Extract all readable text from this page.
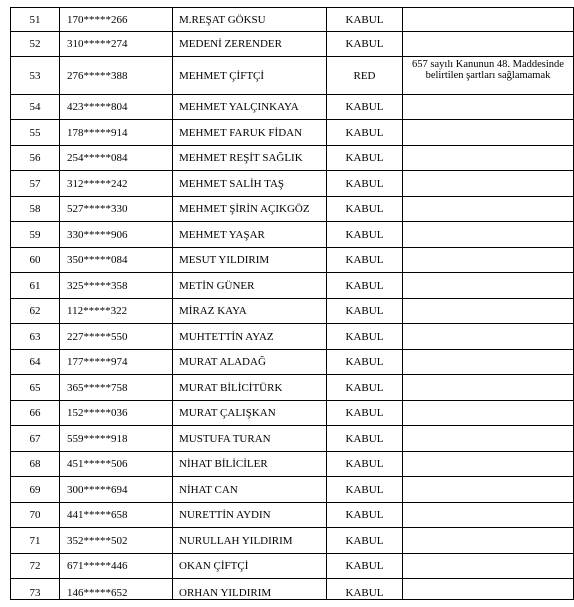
51	170*****266	M.REŞAT GÖKSU	KABUL	
52	310*****274	MEDENİ ZERENDER	KABUL	
53	276*****388	MEHMET ÇİFTÇİ	RED	657 sayılı Kanunun 48. Maddesinde belirtilen şartları sağlamamak
54	423*****804	MEHMET YALÇINKAYA	KABUL	
55	178*****914	MEHMET FARUK FİDAN	KABUL	
56	254*****084	MEHMET REŞİT SAĞLIK	KABUL	
57	312*****242	MEHMET SALİH TAŞ	KABUL	
58	527*****330	MEHMET ŞİRİN AÇIKGÖZ	KABUL	
59	330*****906	MEHMET YAŞAR	KABUL	
60	350*****084	MESUT YILDIRIM	KABUL	
61	325*****358	METİN GÜNER	KABUL	
62	112*****322	MİRAZ KAYA	KABUL	
63	227*****550	MUHTETTİN AYAZ	KABUL	
64	177*****974	MURAT ALADAĞ	KABUL	
65	365*****758	MURAT BİLİCİTÜRK	KABUL	
66	152*****036	MURAT ÇALIŞKAN	KABUL	
67	559*****918	MUSTUFA TURAN	KABUL	
68	451*****506	NİHAT BİLİCİLER	KABUL	
69	300*****694	NİHAT CAN	KABUL	
70	441*****658	NURETTİN AYDIN	KABUL	
71	352*****502	NURULLAH YILDIRIM	KABUL	
72	671*****446	OKAN ÇİFTÇİ	KABUL	
73	146*****652	ORHAN YILDIRIM	KABUL	
